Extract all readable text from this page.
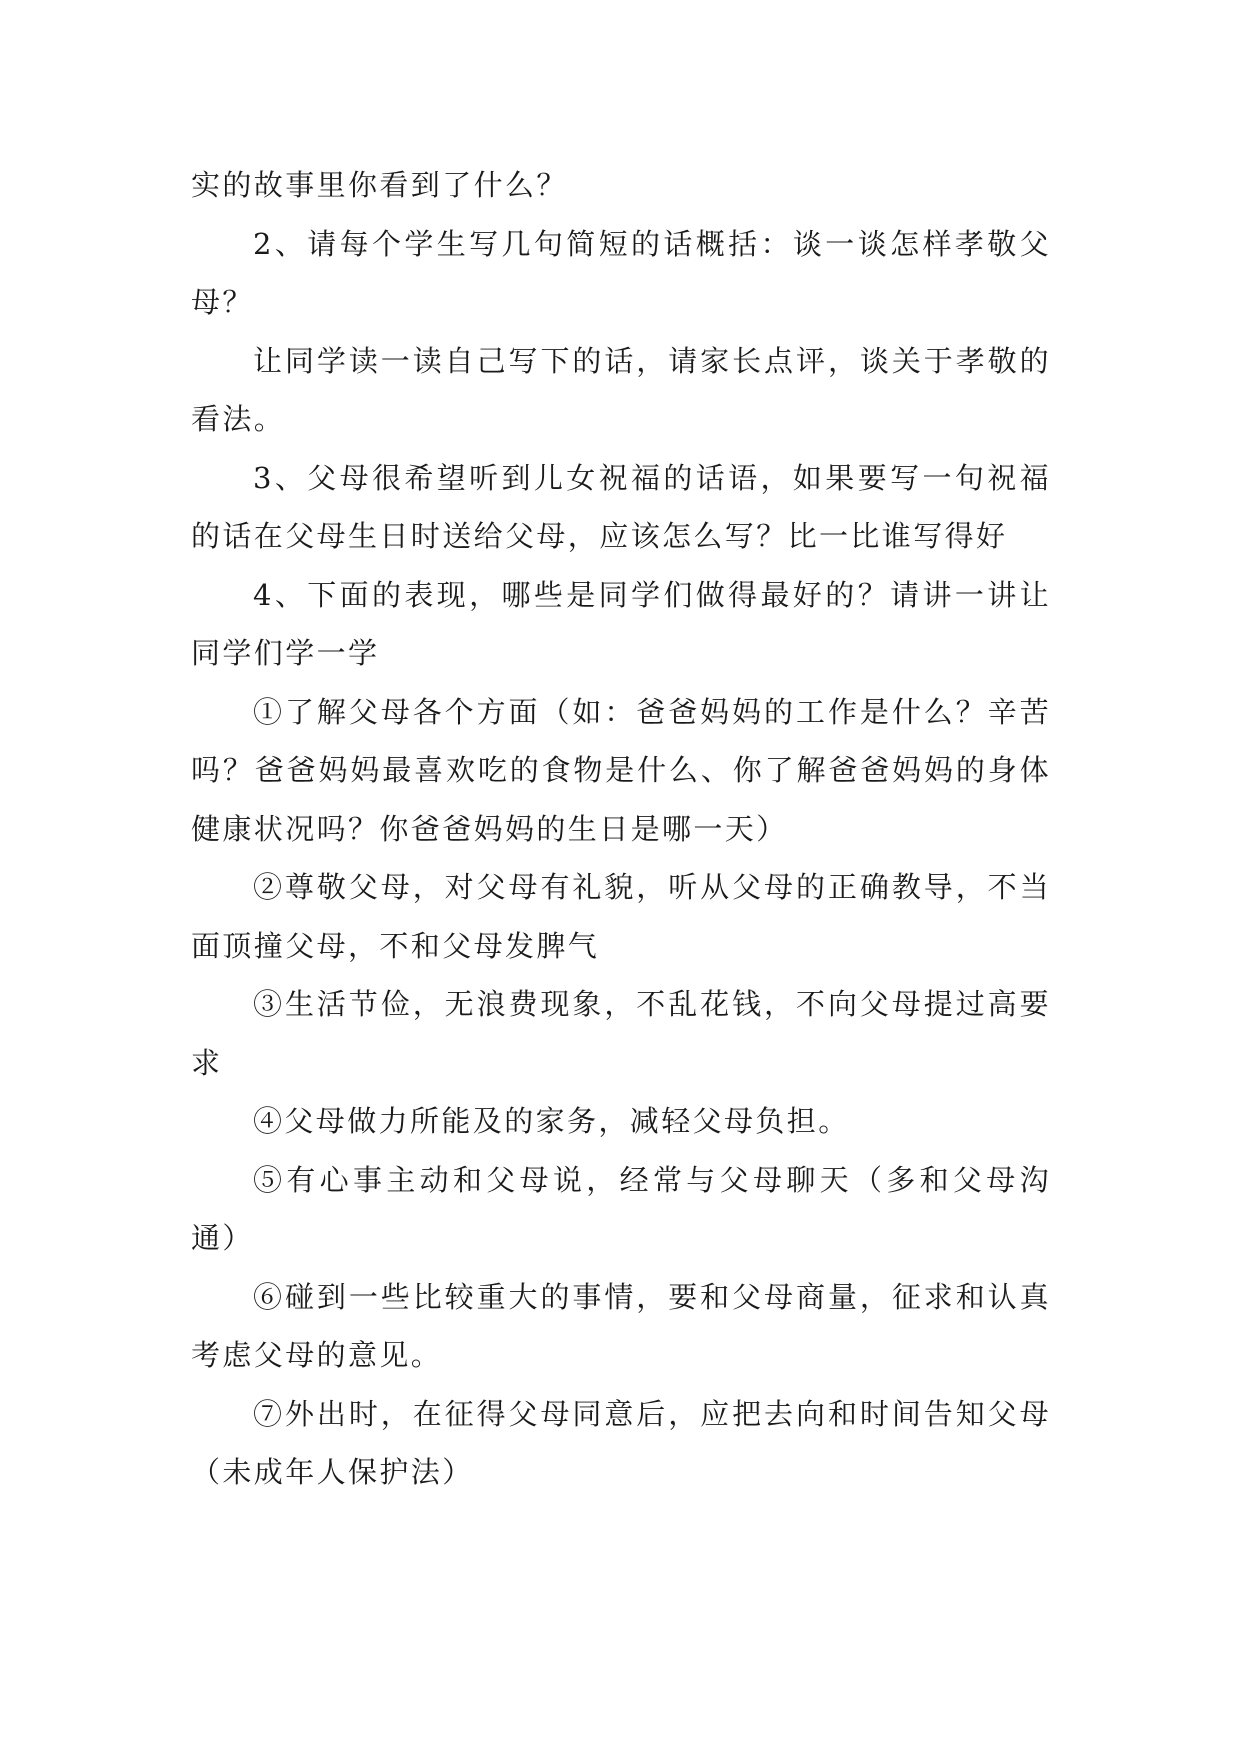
实的故事里你看到了什么？

2、请每个学生写几句简短的话概括：谈一谈怎样孝敬父母？

让同学读一读自己写下的话，请家长点评，谈关于孝敬的看法。

3、父母很希望听到儿女祝福的话语，如果要写一句祝福的话在父母生日时送给父母，应该怎么写？比一比谁写得好

4、下面的表现，哪些是同学们做得最好的？请讲一讲让同学们学一学

①了解父母各个方面（如：爸爸妈妈的工作是什么？辛苦吗？爸爸妈妈最喜欢吃的食物是什么、你了解爸爸妈妈的身体健康状况吗？你爸爸妈妈的生日是哪一天）

②尊敬父母，对父母有礼貌，听从父母的正确教导，不当面顶撞父母，不和父母发脾气

③生活节俭，无浪费现象，不乱花钱，不向父母提过高要求

④父母做力所能及的家务，减轻父母负担。

⑤有心事主动和父母说，经常与父母聊天（多和父母沟通）

⑥碰到一些比较重大的事情，要和父母商量，征求和认真考虑父母的意见。

⑦外出时，在征得父母同意后，应把去向和时间告知父母（未成年人保护法）
